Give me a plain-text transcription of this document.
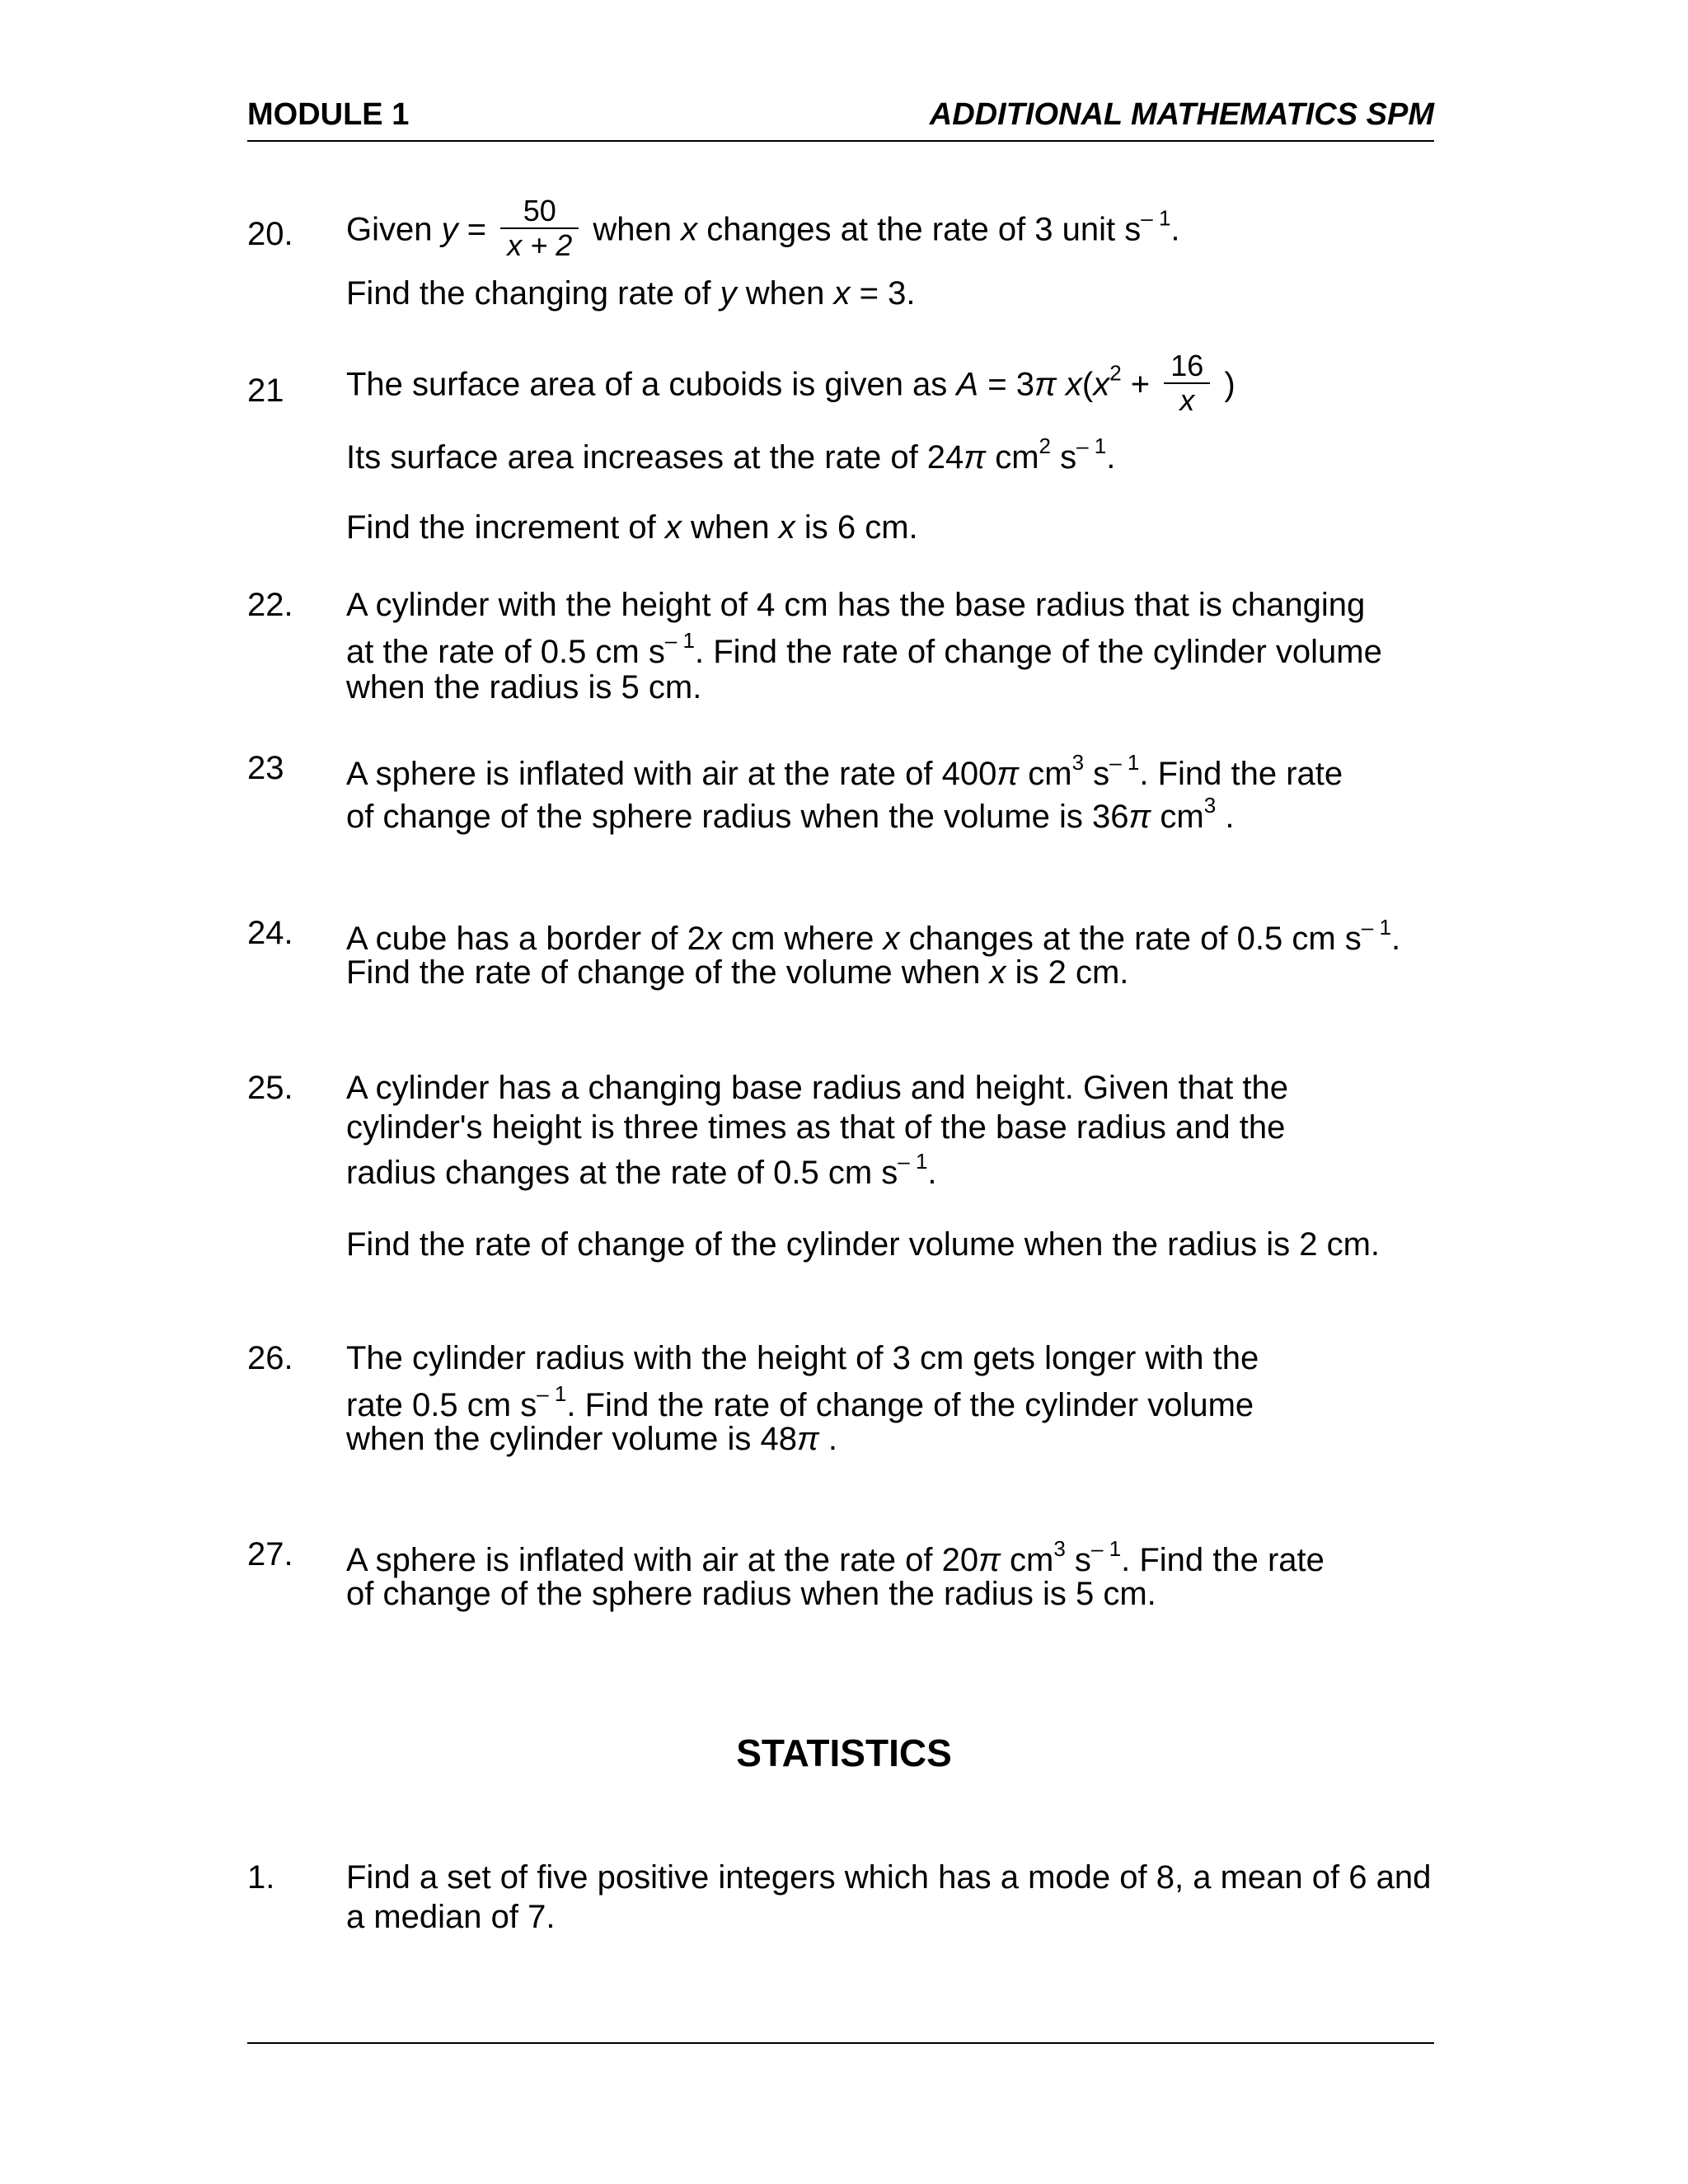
MODULE 1	ADDITIONAL MATHEMATICS SPM
20. Given $y = \frac{50}{x + 2}$ when x changes at the rate of 3 unit $s^{- 1}$.
Find the changing rate of y when x = 3.
21 The surface area of a cuboids is given as A = 3π $x(x^2 + \frac{16}{x}$ )
Its surface area increases at the rate of 24π $cm^2$ $s^{- 1}$.
Find the increment of x when x is 6 cm.
22. A cylinder with the height of 4 cm has the base radius that is changing
at the rate of 0.5 cm $s^{- 1}$. Find the rate of change of the cylinder volume
when the radius is 5 cm.
23 A sphere is inflated with air at the rate of 400π $cm^3$ $s^{- 1}$. Find the rate
of change of the sphere radius when the volume is 36π $cm^3$ .
24. A cube has a border of 2x cm where x changes at the rate of 0.5 cm $s^{- 1}$.
Find the rate of change of the volume when x is 2 cm.
25. A cylinder has a changing base radius and height. Given that the
cylinder's height is three times as that of the base radius and the
radius changes at the rate of 0.5 cm $s^{- 1}$.
Find the rate of change of the cylinder volume when the radius is 2 cm.
26. The cylinder radius with the height of 3 cm gets longer with the
rate 0.5 cm $s^{- 1}$. Find the rate of change of the cylinder volume
when the cylinder volume is 48π .
27. A sphere is inflated with air at the rate of 20π $cm^3$ $s^{- 1}$. Find the rate
of change of the sphere radius when the radius is 5 cm.
STATISTICS
1. Find a set of five positive integers which has a mode of 8, a mean of 6 and
a median of 7.
